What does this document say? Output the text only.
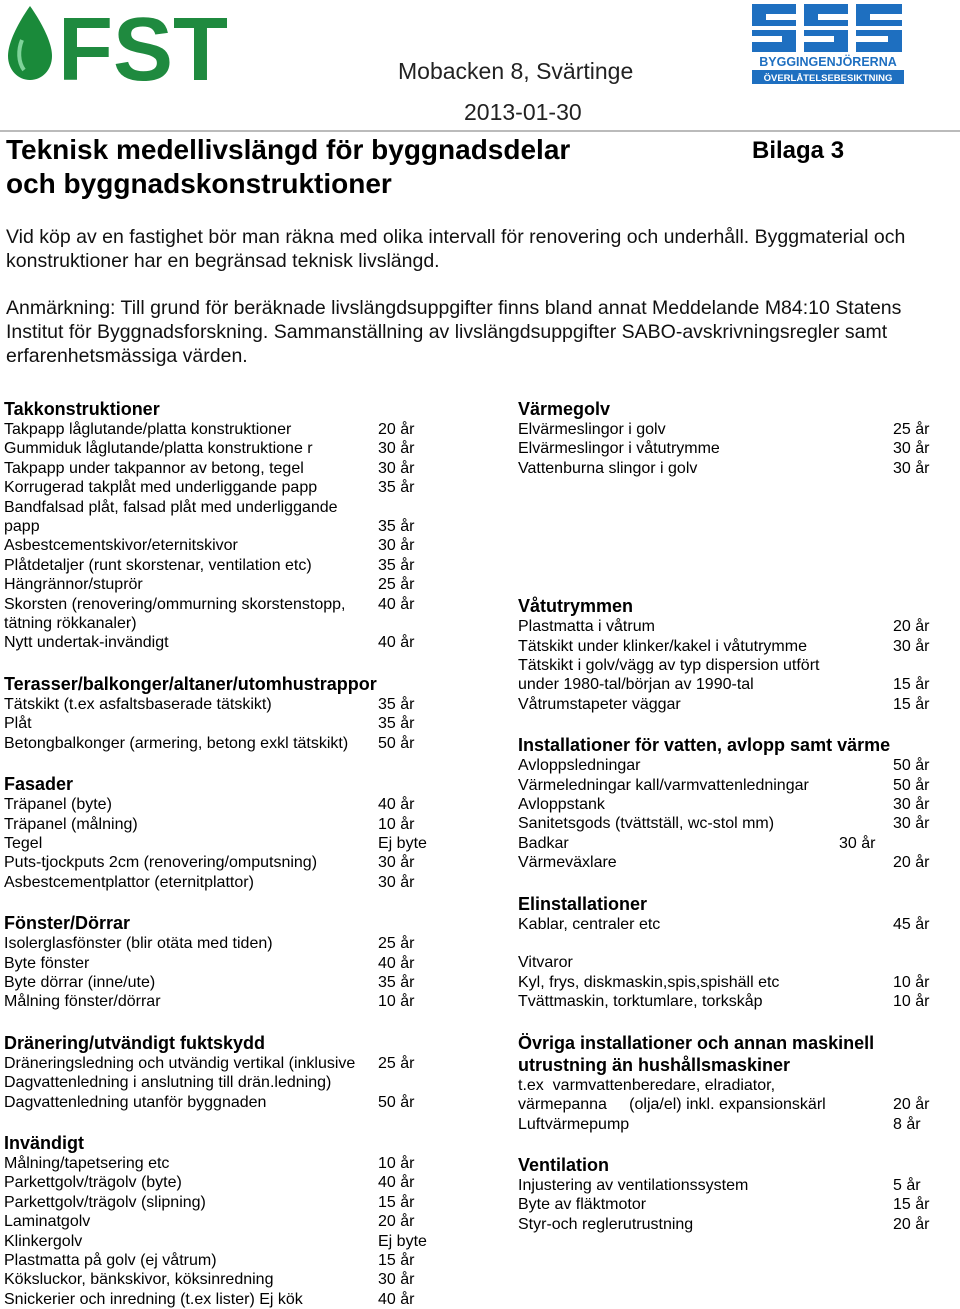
FST	BYGGINGENJÖRERNA
ÖVERLÅTELSEBESIKTNING
Mobacken 8, Svärtinge
2013-01-30
Teknisk medellivslängd för byggnadsdelar
och byggnadskonstruktioner
Bilaga 3
Vid köp av en fastighet bör man räkna med olika intervall för renovering och underhåll. Byggmaterial och konstruktioner har en begränsad teknisk livslängd.
Anmärkning: Till grund för beräknade livslängdsuppgifter finns bland annat Meddelande M84:10 Statens Institut för Byggnadsforskning. Sammanställning av livslängdsuppgifter SABO-avskrivningsregler samt erfarenhetsmässiga värden.
Takkonstruktioner
Takpapp låglutande/platta konstruktioner	20 år
Gummiduk låglutande/platta konstruktione r	30 år
Takpapp under takpannor av betong, tegel	30 år
Korrugerad takplåt med underliggande papp	35 år
Bandfalsad plåt, falsad plåt med underliggande
papp	35 år
Asbestcementskivor/eternitskivor	30 år
Plåtdetaljer (runt skorstenar, ventilation etc)	35 år
Hängrännor/stuprör	25 år
Skorsten (renovering/ommurning skorstenstopp, 40 år
tätning rökkanaler)
Nytt undertak-invändigt	40 år
Terasser/balkonger/altaner/utomhustrappor
Tätskikt (t.ex asfaltsbaserade tätskikt)	35 år
Plåt	35 år
Betongbalkonger (armering, betong exkl tätskikt) 50 år
Fasader
Träpanel (byte)	40 år
Träpanel (målning)	10 år
Tegel	Ej byte
Puts-tjockputs 2cm (renovering/omputsning)	30 år
Asbestcementplattor (eternitplattor)	30 år
Fönster/Dörrar
Isolerglasfönster (blir otäta med tiden)	25 år
Byte fönster	40 år
Byte dörrar (inne/ute)	35 år
Målning fönster/dörrar	10 år
Dränering/utvändigt fuktskydd
Dräneringsledning och utvändig vertikal (inklusive 25 år
Dagvattenledning i anslutning till drän.ledning)
Dagvattenledning utanför byggnaden	50 år
Invändigt
Målning/tapetsering etc	10 år
Parkettgolv/trägolv (byte)	40 år
Parkettgolv/trägolv (slipning)	15 år
Laminatgolv	20 år
Klinkergolv	Ej byte
Plastmatta på golv (ej våtrum)	15 år
Köksluckor, bänkskivor, köksinredning	30 år
Snickerier och inredning (t.ex lister) Ej kök	40 år
Värmegolv
Elvärmeslingor i golv	25 år
Elvärmeslingor i våtutrymme	30 år
Vattenburna slingor i golv	30 år
Våtutrymmen
Plastmatta i våtrum	20 år
Tätskikt under klinker/kakel i våtutrymme	30 år
Tätskikt i golv/vägg av typ dispersion utfört
under 1980-tal/början av 1990-tal	15 år
Våtrumstapeter väggar	15 år
Installationer för vatten, avlopp samt värme
Avloppsledningar	50 år
Värmeledningar kall/varmvattenledningar	50 år
Avloppstank	30 år
Sanitetsgods (tvättställ, wc-stol mm)	30 år
Badkar	30 år
Värmeväxlare	20 år
Elinstallationer
Kablar, centraler etc	45 år
Vitvaror
Kyl, frys, diskmaskin,spis,spishäll etc	10 år
Tvättmaskin, torktumlare, torkskåp	10 år
Övriga installationer och annan maskinell
utrustning än hushållsmaskiner
t.ex  varmvattenberedare, elradiator,
värmepanna     (olja/el) inkl. expansionskärl	20 år
Luftvärmepump	8 år
Ventilation
Injustering av ventilationssystem	5 år
Byte av fläktmotor	15 år
Styr-och reglerutrustning	20 år
